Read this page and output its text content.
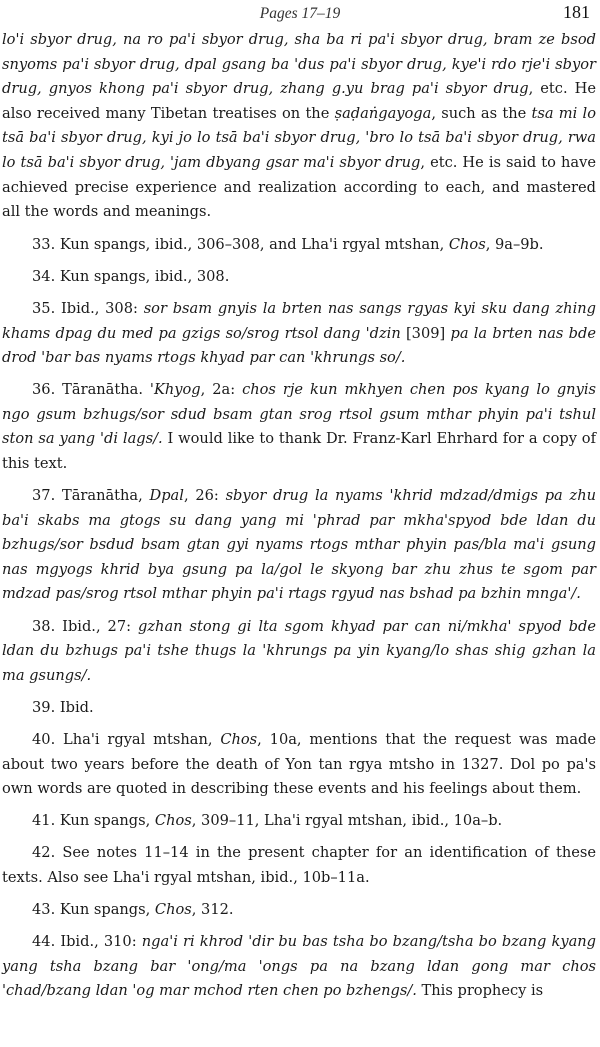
Pages 17–19	181

lo'i sbyor drug, na ro pa'i sbyor drug, sha ba ri pa'i sbyor drug, bram ze bsod snyoms pa'i sbyor drug, dpal gsang ba 'dus pa'i sbyor drug, kye'i rdo rje'i sbyor drug, gnyos khong pa'i sbyor drug, zhang g.yu brag pa'i sbyor drug, etc. He also received many Tibetan treatises on the ṣaḍaṅgayoga, such as the tsa mi lo tsā ba'i sbyor drug, kyi jo lo tsā ba'i sbyor drug, 'bro lo tsā ba'i sbyor drug, rwa lo tsā ba'i sbyor drug, 'jam dbyang gsar ma'i sbyor drug, etc. He is said to have achieved precise experience and realization according to each, and mastered all the words and meanings.

33. Kun spangs, ibid., 306–308, and Lha'i rgyal mtshan, Chos, 9a–9b.

34. Kun spangs, ibid., 308.

35. Ibid., 308: sor bsam gnyis la brten nas sangs rgyas kyi sku dang zhing khams dpag du med pa gzigs so/srog rtsol dang 'dzin [309] pa la brten nas bde drod 'bar bas nyams rtogs khyad par can 'khrungs so/.

36. Tāranātha. 'Khyog, 2a: chos rje kun mkhyen chen pos kyang lo gnyis ngo gsum bzhugs/sor sdud bsam gtan srog rtsol gsum mthar phyin pa'i tshul ston sa yang 'di lags/. I would like to thank Dr. Franz-Karl Ehrhard for a copy of this text.

37. Tāranātha, Dpal, 26: sbyor drug la nyams 'khrid mdzad/dmigs pa zhu ba'i skabs ma gtogs su dang yang mi 'phrad par mkha'spyod bde ldan du bzhugs/sor bsdud bsam gtan gyi nyams rtogs mthar phyin pas/bla ma'i gsung nas mgyogs khrid bya gsung pa la/gol le skyong bar zhu zhus te sgom par mdzad pas/srog rtsol mthar phyin pa'i rtags rgyud nas bshad pa bzhin mnga'/.

38. Ibid., 27: gzhan stong gi lta sgom khyad par can ni/mkha' spyod bde ldan du bzhugs pa'i tshe thugs la 'khrungs pa yin kyang/lo shas shig gzhan la ma gsungs/.

39. Ibid.

40. Lha'i rgyal mtshan, Chos, 10a, mentions that the request was made about two years before the death of Yon tan rgya mtsho in 1327. Dol po pa's own words are quoted in describing these events and his feelings about them.

41. Kun spangs, Chos, 309–11, Lha'i rgyal mtshan, ibid., 10a–b.

42. See notes 11–14 in the present chapter for an identification of these texts. Also see Lha'i rgyal mtshan, ibid., 10b–11a.

43. Kun spangs, Chos, 312.

44. Ibid., 310: nga'i ri khrod 'dir bu bas tsha bo bzang/tsha bo bzang kyang yang tsha bzang bar 'ong/ma 'ongs pa na bzang ldan gong mar chos 'chad/bzang ldan 'og mar mchod rten chen po bzhengs/. This prophecy is
